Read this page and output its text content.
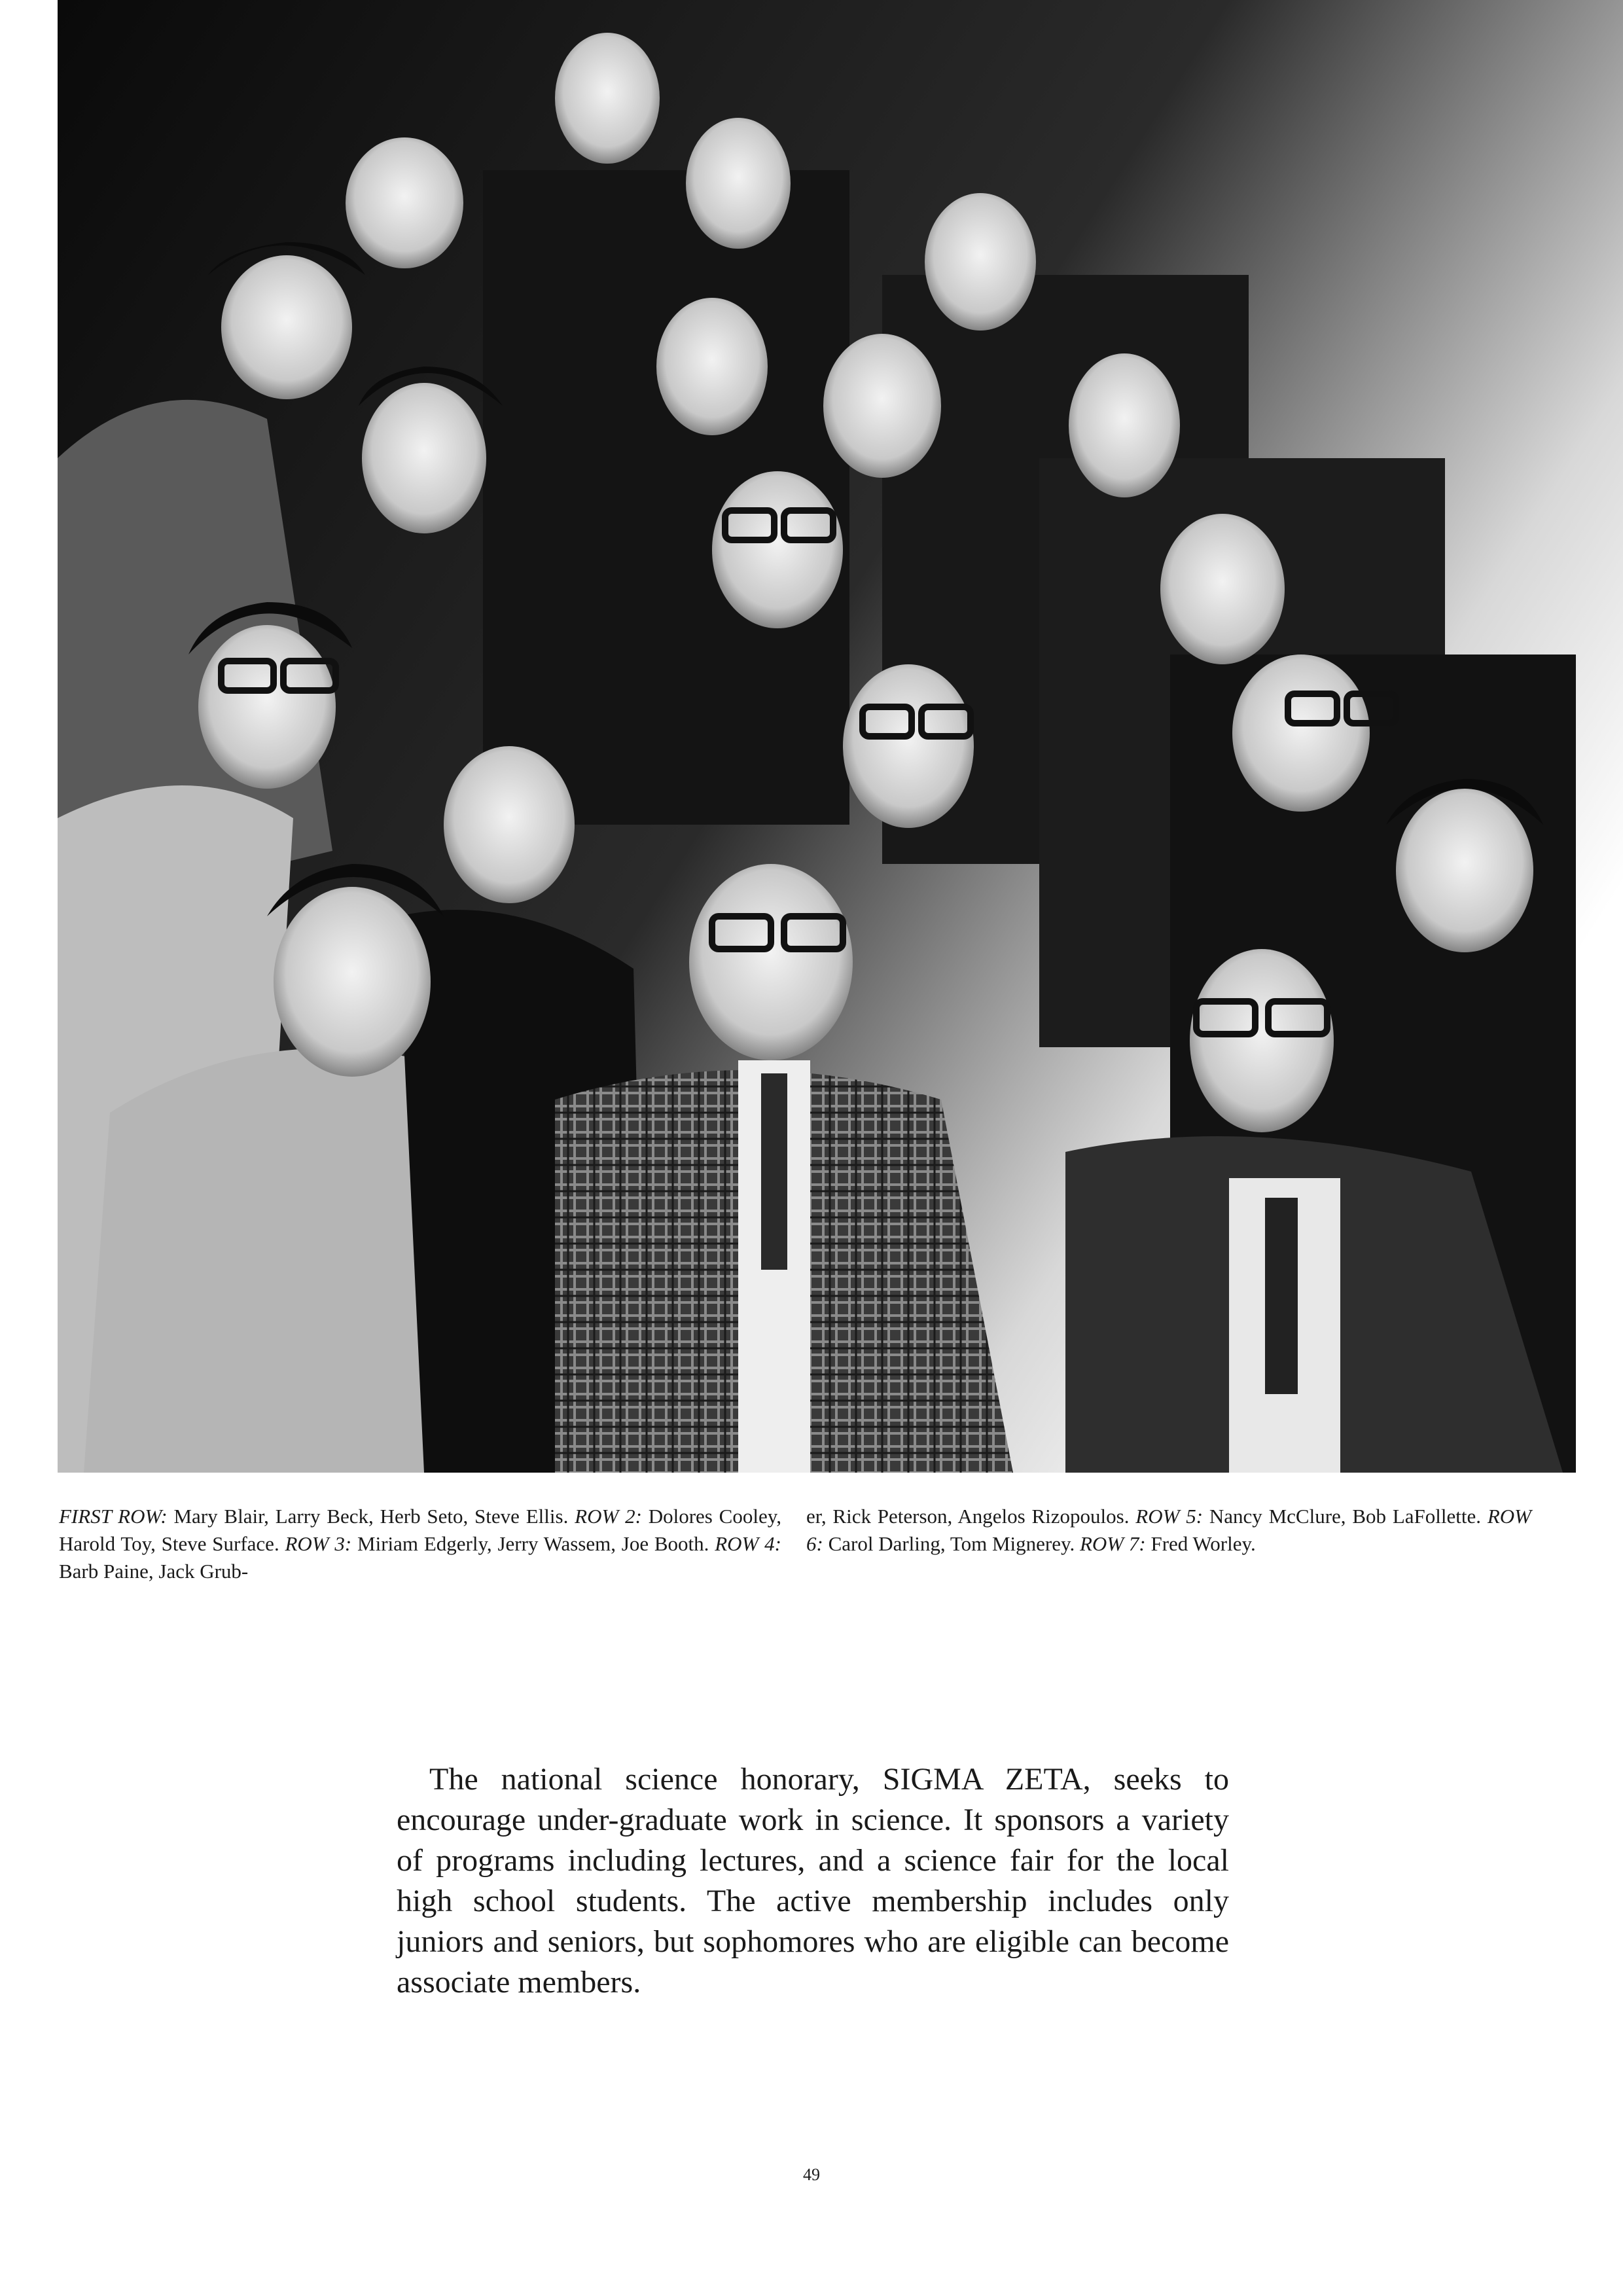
FIRST ROW: Mary Blair, Larry Beck, Herb Seto, Steve Ellis. ROW 2: Dolores Cooley, Harold Toy, Steve Surface. ROW 3: Miriam Edgerly, Jerry Wassem, Joe Booth. ROW 4: Barb Paine, Jack Grub-

er, Rick Peterson, Angelos Rizopoulos. ROW 5: Nancy McClure, Bob LaFollette. ROW 6: Carol Darling, Tom Mignerey. ROW 7: Fred Worley.

The national science honorary, SIGMA ZETA, seeks to encourage under-graduate work in science. It sponsors a variety of programs including lectures, and a science fair for the local high school students. The active membership includes only juniors and seniors, but sophomores who are eligible can become associate members.

49
